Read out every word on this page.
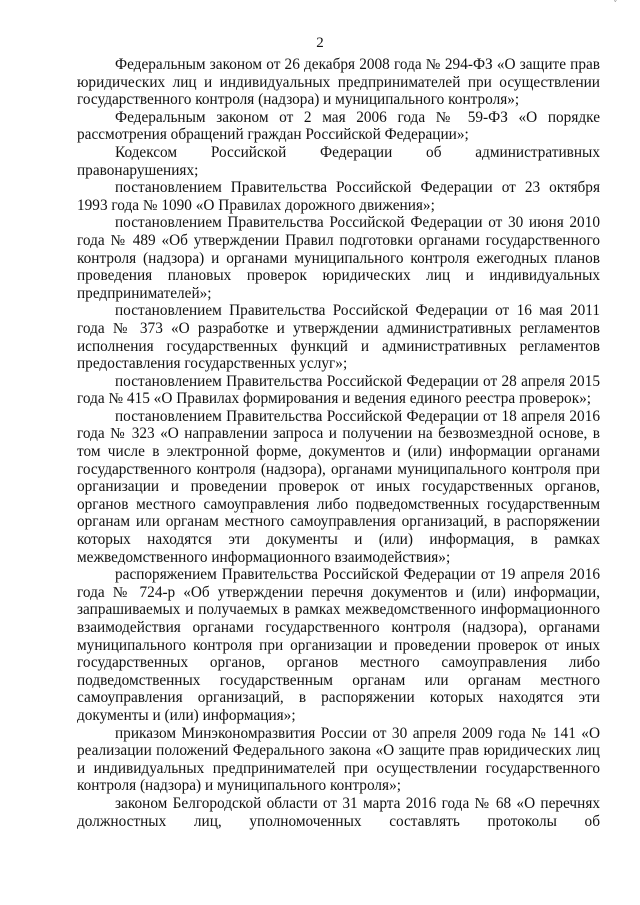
ˇ
2

Федеральным законом от 26 декабря 2008 года № 294-ФЗ «О защите прав юридических лиц и индивидуальных предпринимателей при осуществлении государственного контроля (надзора) и муниципального контроля»;

Федеральным законом от 2 мая 2006 года № 59-ФЗ «О порядке рассмотрения обращений граждан Российской Федерации»;

Кодексом Российской Федерации об административных правонарушениях;

постановлением Правительства Российской Федерации от 23 октября 1993 года № 1090 «О Правилах дорожного движения»;

постановлением Правительства Российской Федерации от 30 июня 2010 года № 489 «Об утверждении Правил подготовки органами государственного контроля (надзора) и органами муниципального контроля ежегодных планов проведения плановых проверок юридических лиц и индивидуальных предпринимателей»;

постановлением Правительства Российской Федерации от 16 мая 2011 года № 373 «О разработке и утверждении административных регламентов исполнения государственных функций и административных регламентов предоставления государственных услуг»;

постановлением Правительства Российской Федерации от 28 апреля 2015 года № 415 «О Правилах формирования и ведения единого реестра проверок»;

постановлением Правительства Российской Федерации от 18 апреля 2016 года № 323 «О направлении запроса и получении на безвозмездной основе, в том числе в электронной форме, документов и (или) информации органами государственного контроля (надзора), органами муниципального контроля при организации и проведении проверок от иных государственных органов, органов местного самоуправления либо подведомственных государственным органам или органам местного самоуправления организаций, в распоряжении которых находятся эти документы и (или) информация, в рамках межведомственного информационного взаимодействия»;

распоряжением Правительства Российской Федерации от 19 апреля 2016 года № 724-р «Об утверждении перечня документов и (или) информации, запрашиваемых и получаемых в рамках межведомственного информационного взаимодействия органами государственного контроля (надзора), органами муниципального контроля при организации и проведении проверок от иных государственных органов, органов местного самоуправления либо подведомственных государственным органам или органам местного самоуправления организаций, в распоряжении которых находятся эти документы и (или) информация»;

приказом Минэкономразвития России от 30 апреля 2009 года № 141 «О реализации положений Федерального закона «О защите прав юридических лиц и индивидуальных предпринимателей при осуществлении государственного контроля (надзора) и муниципального контроля»;

законом Белгородской области от 31 марта 2016 года № 68 «О перечнях должностных лиц, уполномоченных составлять протоколы об
